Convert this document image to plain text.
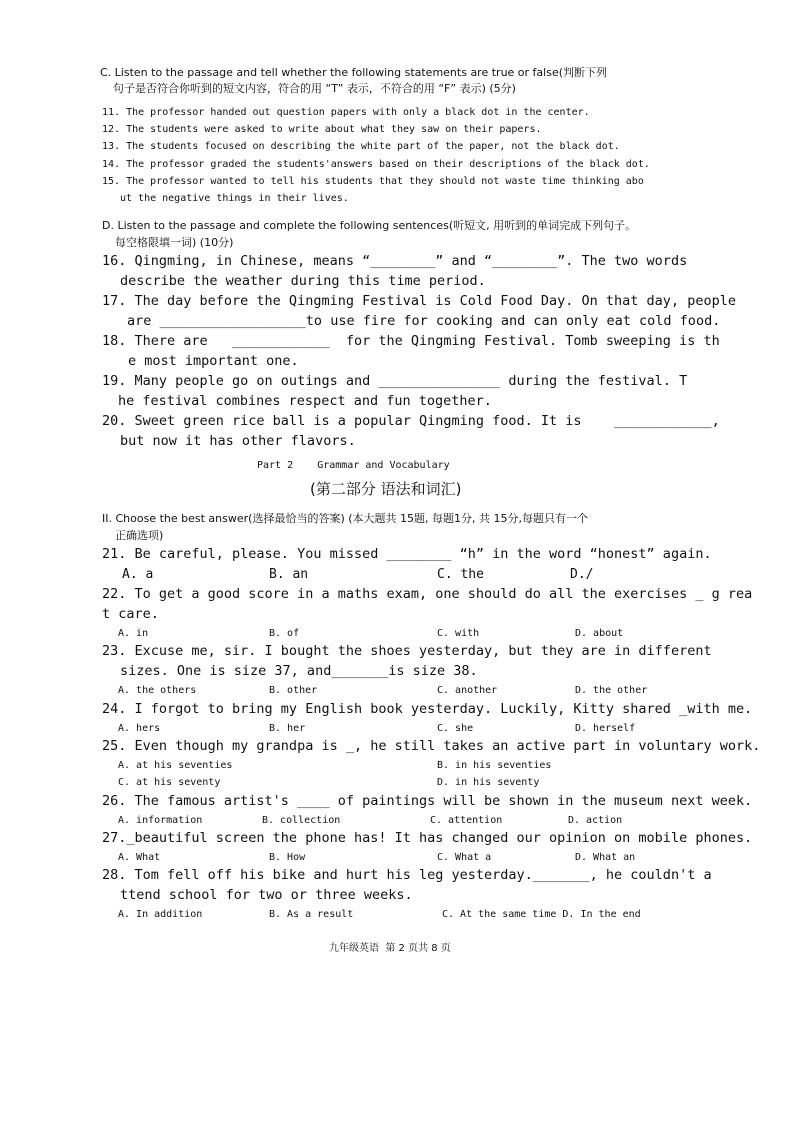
C. Listen to the passage and tell whether the following statements are true or false(判断下列
句子是否符合你听到的短文内容，符合的用 “T” 表示，不符合的用 “F” 表示) (5分)
11. The professor handed out question papers with only a black dot in the center.
12. The students were asked to write about what they saw on their papers.
13. The students focused on describing the white part of the paper, not the black dot.
14. The professor graded the students'answers based on their descriptions of the black dot.
15. The professor wanted to tell his students that they should not waste time thinking abo
ut the negative things in their lives.
D. Listen to the passage and complete the following sentences(听短文, 用听到的单词完成下列句子。
每空格限填一词) (10分)
16. Qingming, in Chinese, means “________” and “________”. The two words
describe the weather during this time period.
17. The day before the Qingming Festival is Cold Food Day. On that day, people
are __________________to use fire for cooking and can only eat cold food.
18. There are   ____________  for the Qingming Festival. Tomb sweeping is th
e most important one.
19. Many people go on outings and _______________ during the festival. T
he festival combines respect and fun together.
20. Sweet green rice ball is a popular Qingming food. It is    ____________,
but now it has other flavors.
Part 2    Grammar and Vocabulary
(第二部分 语法和词汇)
II. Choose the best answer(选择最恰当的答案) (本大题共 15题, 每题1分, 共 15分,每题只有一个
正确选项)
21. Be careful, please. You missed ________ “h” in the word “honest” again.
A. a	B. an	C. the	D./
22. To get a good score in a maths exam, one should do all the exercises _ g rea
t care.
A. in	B. of	C. with	D. about
23. Excuse me, sir. I bought the shoes yesterday, but they are in different
sizes. One is size 37, and_______is size 38.
A. the others	B. other	C. another	D. the other
24. I forgot to bring my English book yesterday. Luckily, Kitty shared _with me.
A. hers	B. her	C. she	D. herself
25. Even though my grandpa is _, he still takes an active part in voluntary work.
A. at his seventies	B. in his seventies
C. at his seventy	D. in his seventy
26. The famous artist's ____ of paintings will be shown in the museum next week.
A. information	B. collection	C. attention	D. action
27._beautiful screen the phone has! It has changed our opinion on mobile phones.
A. What	B. How	C. What a	D. What an
28. Tom fell off his bike and hurt his leg yesterday._______, he couldn't a
ttend school for two or three weeks.
A. In addition	B. As a result	C. At the same time D. In the end
九年级英语  第 2 页共 8 页
